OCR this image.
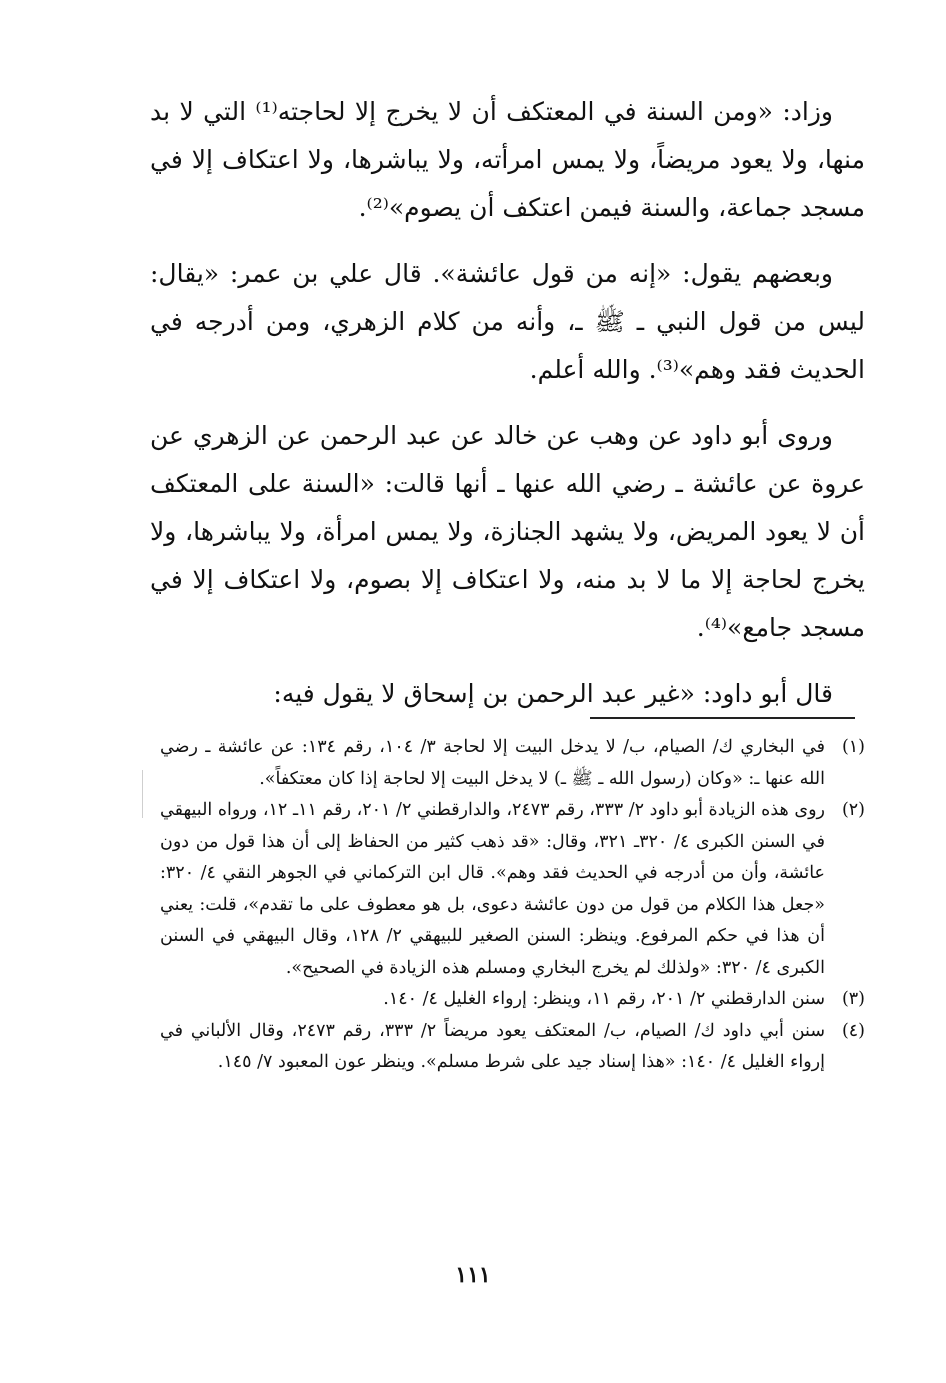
وزاد: «ومن السنة في المعتكف أن لا يخرج إلا لحاجته⁽¹⁾ التي لا بد منها، ولا يعود مريضاً، ولا يمس امرأته، ولا يباشرها، ولا اعتكاف إلا في مسجد جماعة، والسنة فيمن اعتكف أن يصوم»⁽²⁾.

وبعضهم يقول: «إنه من قول عائشة». قال علي بن عمر: «يقال: ليس من قول النبي ـ ﷺ ـ، وأنه من كلام الزهري، ومن أدرجه في الحديث فقد وهم»⁽³⁾. والله أعلم.

وروى أبو داود عن وهب عن خالد عن عبد الرحمن عن الزهري عن عروة عن عائشة ـ رضي الله عنها ـ أنها قالت: «السنة على المعتكف أن لا يعود المريض، ولا يشهد الجنازة، ولا يمس امرأة، ولا يباشرها، ولا يخرج لحاجة إلا ما لا بد منه، ولا اعتكاف إلا بصوم، ولا اعتكاف إلا في مسجد جامع»⁽⁴⁾.

قال أبو داود: «غير عبد الرحمن بن إسحاق لا يقول فيه:

(١)
في البخاري ك/ الصيام، ب/ لا يدخل البيت إلا لحاجة ٣/ ١٠٤، رقم ١٣٤: عن عائشة ـ رضي الله عنها ـ: «وكان (رسول الله ـ ﷺ ـ) لا يدخل البيت إلا لحاجة إذا كان معتكفاً».
(٢)
روى هذه الزيادة أبو داود ٢/ ٣٣٣، رقم ٢٤٧٣، والدارقطني ٢/ ٢٠١، رقم ١١ـ ١٢، ورواه البيهقي في السنن الكبرى ٤/ ٣٢٠ـ ٣٢١، وقال: «قد ذهب كثير من الحفاظ إلى أن هذا قول من دون عائشة، وأن من أدرجه في الحديث فقد وهم». قال ابن التركماني في الجوهر النقي ٤/ ٣٢٠: «جعل هذا الكلام من قول من دون عائشة دعوى، بل هو معطوف على ما تقدم»، قلت: يعني أن هذا في حكم المرفوع. وينظر: السنن الصغير للبيهقي ٢/ ١٢٨، وقال البيهقي في السنن الكبرى ٤/ ٣٢٠: «ولذلك لم يخرج البخاري ومسلم هذه الزيادة في الصحيح».
(٣)
سنن الدارقطني ٢/ ٢٠١، رقم ١١، وينظر: إرواء الغليل ٤/ ١٤٠.
(٤)
سنن أبي داود ك/ الصيام، ب/ المعتكف يعود مريضاً ٢/ ٣٣٣، رقم ٢٤٧٣، وقال الألباني في إرواء الغليل ٤/ ١٤٠: «هذا إسناد جيد على شرط مسلم». وينظر عون المعبود ٧/ ١٤٥.
١١١
